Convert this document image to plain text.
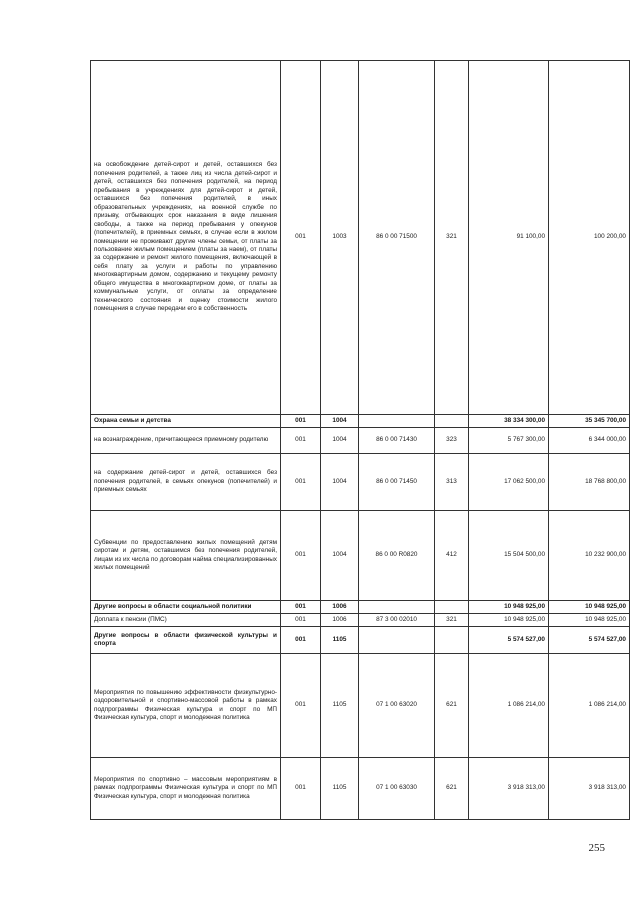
на освобождение детей-сирот и детей, оставшихся без попечения родителей, а также лиц из числа детей-сирот и детей, оставшихся без попечения родителей, на период пребывания в учреждениях для детей-сирот и детей, оставшихся без попечения родителей, в иных образовательных учреждениях, на военной службе по призыву, отбывающих срок наказания в виде лишения свободы, а также на период пребывания у опекунов (попечителей), в приемных семьях, в случае если в жилом помещении не проживают другие члены семьи, от платы за пользование жилым помещением (платы за наем), от платы за содержание и ремонт жилого помещения, включающей в себя плату за услуги и работы по управлению многоквартирным домом, содержанию и текущему ремонту общего имущества в многоквартирном доме, от платы за коммунальные услуги, от оплаты за определение технического состояния и оценку стоимости жилого помещения в случае передачи его в собственность	001	1003	86 0 00 71500	321	91 100,00	100 200,00
Охрана семьи и детства	001	1004			38 334 300,00	35 345 700,00
на вознаграждение, причитающееся приемному родителю	001	1004	86 0 00 71430	323	5 767 300,00	6 344 000,00
на содержание детей-сирот и детей, оставшихся без попечения родителей, в семьях опекунов (попечителей) и приемных семьях	001	1004	86 0 00 71450	313	17 062 500,00	18 768 800,00
Субвенции по предоставлению жилых помещений детям сиротам и детям, оставшимся без попечения родителей, лицам из их числа по договорам найма специализированных жилых помещений	001	1004	86 0 00 R0820	412	15 504 500,00	10 232 900,00
Другие вопросы в области социальной политики	001	1006			10 948 925,00	10 948 925,00
Доплата к пенсии (ПМС)	001	1006	87 3 00 02010	321	10 948 925,00	10 948 925,00
Другие вопросы в области физической культуры и спорта	001	1105			5 574 527,00	5 574 527,00
Мероприятия по повышению эффективности физкультурно-оздоровительной и спортивно-массовой работы в рамках подпрограммы Физическая культура и спорт по МП Физическая культура, спорт и молодежная политика	001	1105	07 1 00 63020	621	1 086 214,00	1 086 214,00
Мероприятия по спортивно – массовым мероприятиям в рамках подпрограммы Физическая культура и спорт по МП Физическая культура, спорт и молодежная политика	001	1105	07 1 00 63030	621	3 918 313,00	3 918 313,00
255
